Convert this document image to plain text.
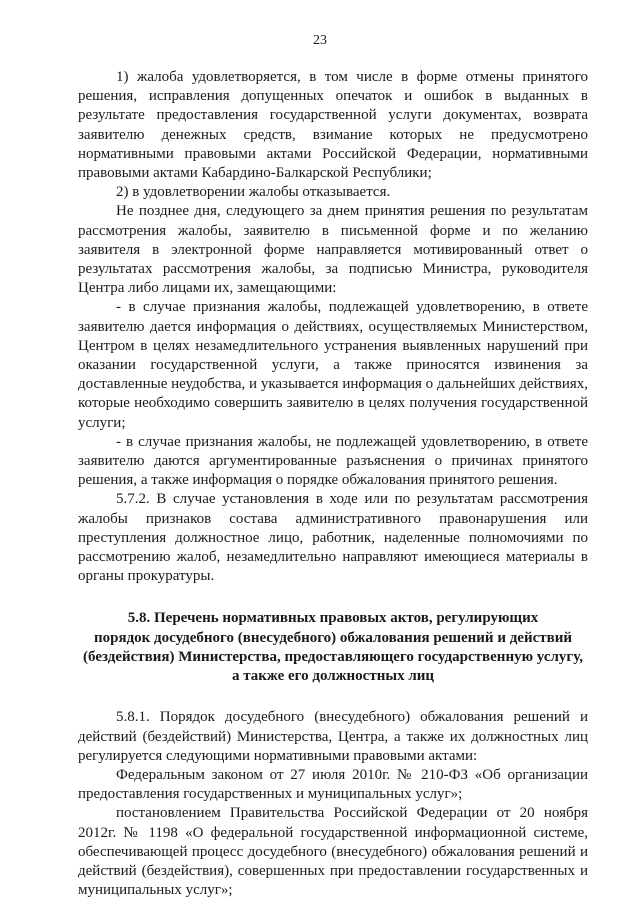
23

1) жалоба удовлетворяется, в том числе в форме отмены принятого решения, исправления допущенных опечаток и ошибок в выданных в результате предоставления государственной услуги документах, возврата заявителю денежных средств, взимание которых не предусмотрено нормативными правовыми актами Российской Федерации, нормативными правовыми актами Кабардино-Балкарской Республики;

2) в удовлетворении жалобы отказывается.

Не позднее дня, следующего за днем принятия решения по результатам рассмотрения жалобы, заявителю в письменной форме и по желанию заявителя в электронной форме направляется мотивированный ответ о результатах рассмотрения жалобы, за подписью Министра, руководителя Центра либо лицами их, замещающими:

- в случае признания жалобы, подлежащей удовлетворению, в ответе заявителю дается информация о действиях, осуществляемых Министерством, Центром в целях незамедлительного устранения выявленных нарушений при оказании государственной услуги, а также приносятся извинения за доставленные неудобства, и указывается информация о дальнейших действиях, которые необходимо совершить заявителю в целях получения государственной услуги;

- в случае признания жалобы, не подлежащей удовлетворению, в ответе заявителю даются аргументированные разъяснения о причинах принятого решения, а также информация о порядке обжалования принятого решения.

5.7.2. В случае установления в ходе или по результатам рассмотрения жалобы признаков состава административного правонарушения или преступления должностное лицо, работник, наделенные полномочиями по рассмотрению жалоб, незамедлительно направляют имеющиеся материалы в органы прокуратуры.

5.8. Перечень нормативных правовых актов, регулирующих
порядок досудебного (внесудебного) обжалования решений и действий
(бездействия) Министерства, предоставляющего государственную услугу,
а также его должностных лиц

5.8.1. Порядок досудебного (внесудебного) обжалования решений и действий (бездействий) Министерства, Центра, а также их должностных лиц регулируется следующими нормативными правовыми актами:

Федеральным законом от 27 июля 2010г. № 210-ФЗ «Об организации предоставления государственных и муниципальных услуг»;

постановлением Правительства Российской Федерации от 20 ноября 2012г. № 1198 «О федеральной государственной информационной системе, обеспечивающей процесс досудебного (внесудебного) обжалования решений и действий (бездействия), совершенных при предоставлении государственных и муниципальных услуг»;
